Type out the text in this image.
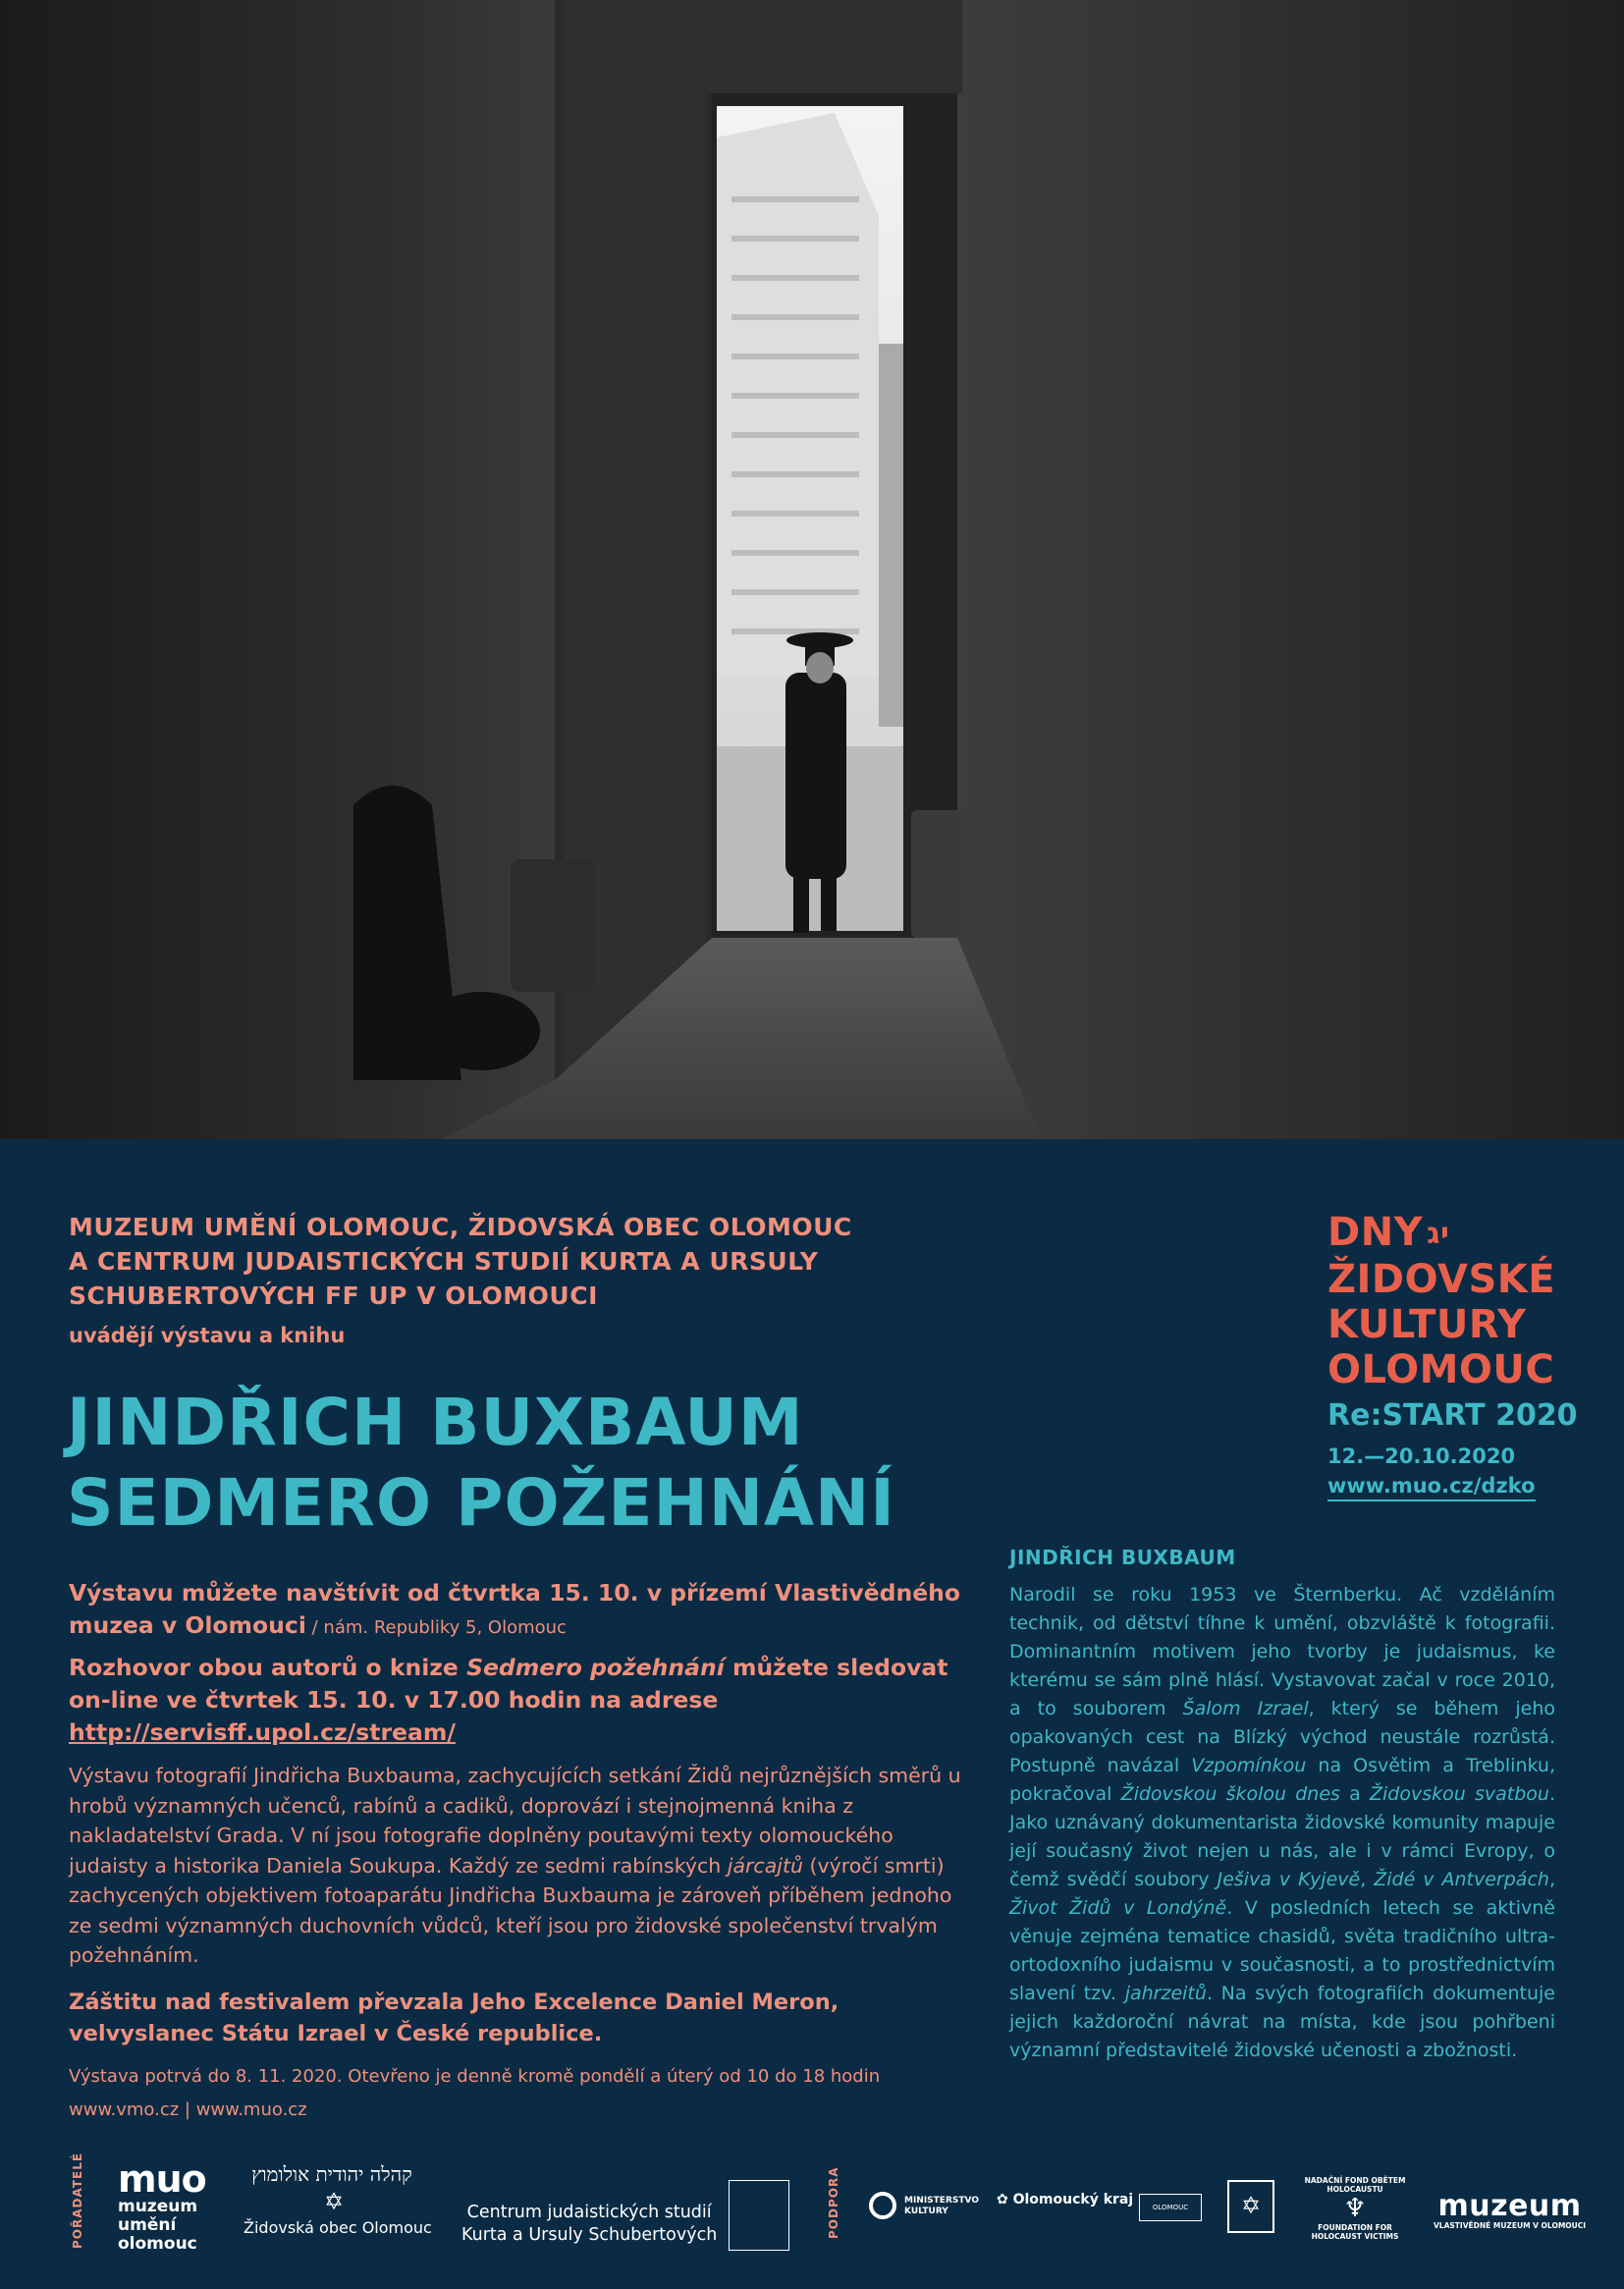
MUZEUM UMĚNÍ OLOMOUC, ŽIDOVSKÁ OBEC OLOMOUC
A CENTRUM JUDAISTICKÝCH STUDIÍ KURTA A URSULY
SCHUBERTOVÝCH FF UP V OLOMOUCI
uvádějí výstavu a knihu
JINDŘICH BUXBAUM
SEDMERO POŽEHNÁNÍ
DNY יג
ŽIDOVSKÉ
KULTURY
OLOMOUC
Re:START 2020
12.—20.10.2020
www.muo.cz/dzko
Výstavu můžete navštívit od čtvrtka 15. 10. v přízemí Vlastivědného muzea v Olomouci / nám. Republiky 5, Olomouc
Rozhovor obou autorů o knize Sedmero požehnání můžete sledovat on-line ve čtvrtek 15. 10. v 17.00 hodin na adrese http://servisff.upol.cz/stream/
Výstavu fotografií Jindřicha Buxbauma, zachycujících setkání Židů nejrůznějších směrů u hrobů významných učenců, rabínů a cadiků, doprovází i stejnojmenná kniha z nakladatelství Grada. V ní jsou fotografie doplněny poutavými texty olomouckého judaisty a historika Daniela Soukupa. Každý ze sedmi rabínských járcajtů (výročí smrti) zachycených objektivem fotoaparátu Jindřicha Buxbauma je zároveň příběhem jednoho ze sedmi významných duchovních vůdců, kteří jsou pro židovské společenství trvalým požehnáním.
Záštitu nad festivalem převzala Jeho Excelence Daniel Meron, velvyslanec Státu Izrael v České republice.
Výstava potrvá do 8. 11. 2020. Otevřeno je denně kromě pondělí a úterý od 10 do 18 hodin
www.vmo.cz | www.muo.cz
JINDŘICH BUXBAUM
Narodil se roku 1953 ve Šternberku. Ač vzděláním technik, od dětství tíhne k umění, obzvláště k fotografii. Dominantním motivem jeho tvorby je judaismus, ke kterému se sám plně hlásí. Vystavovat začal v roce 2010, a to souborem Šalom Izrael, který se během jeho opakovaných cest na Blízký východ neustále rozrůstá. Postupně navázal Vzpomínkou na Osvětim a Treblinku, pokračoval Židovskou školou dnes a Židovskou svatbou. Jako uznávaný dokumentarista židovské komunity mapuje její současný život nejen u nás, ale i v rámci Evropy, o čemž svědčí soubory Ješiva v Kyjevě, Židé v Antverpách, Život Židů v Londýně. V posledních letech se aktivně věnuje zejména tematice chasidů, světa tradičního ultra-ortodoxního judaismu v současnosti, a to prostřednictvím slavení tzv. jahrzeitů. Na svých fotografiích dokumentuje jejich každoroční návrat na místa, kde jsou pohřbeni významní představitelé židovské učenosti a zbožnosti.
POŘADATELÉ muo
muzeum
umění
olomouc
קהלה יהודית אולומוץ
✡
Židovská obec Olomouc
Centrum judaistických studií
Kurta a Ursuly Schubertových	PODPORA	MINISTERSTVO
KULTURY
✿ Olomoucký kraj	OLOMOUC	✡
NADAČNÍ FOND OBĚTEM
HOLOCAUSTU
♆
FOUNDATION FOR
HOLOCAUST VICTIMS
muzeum
VLASTIVĚDNÉ MUZEUM V OLOMOUCI
